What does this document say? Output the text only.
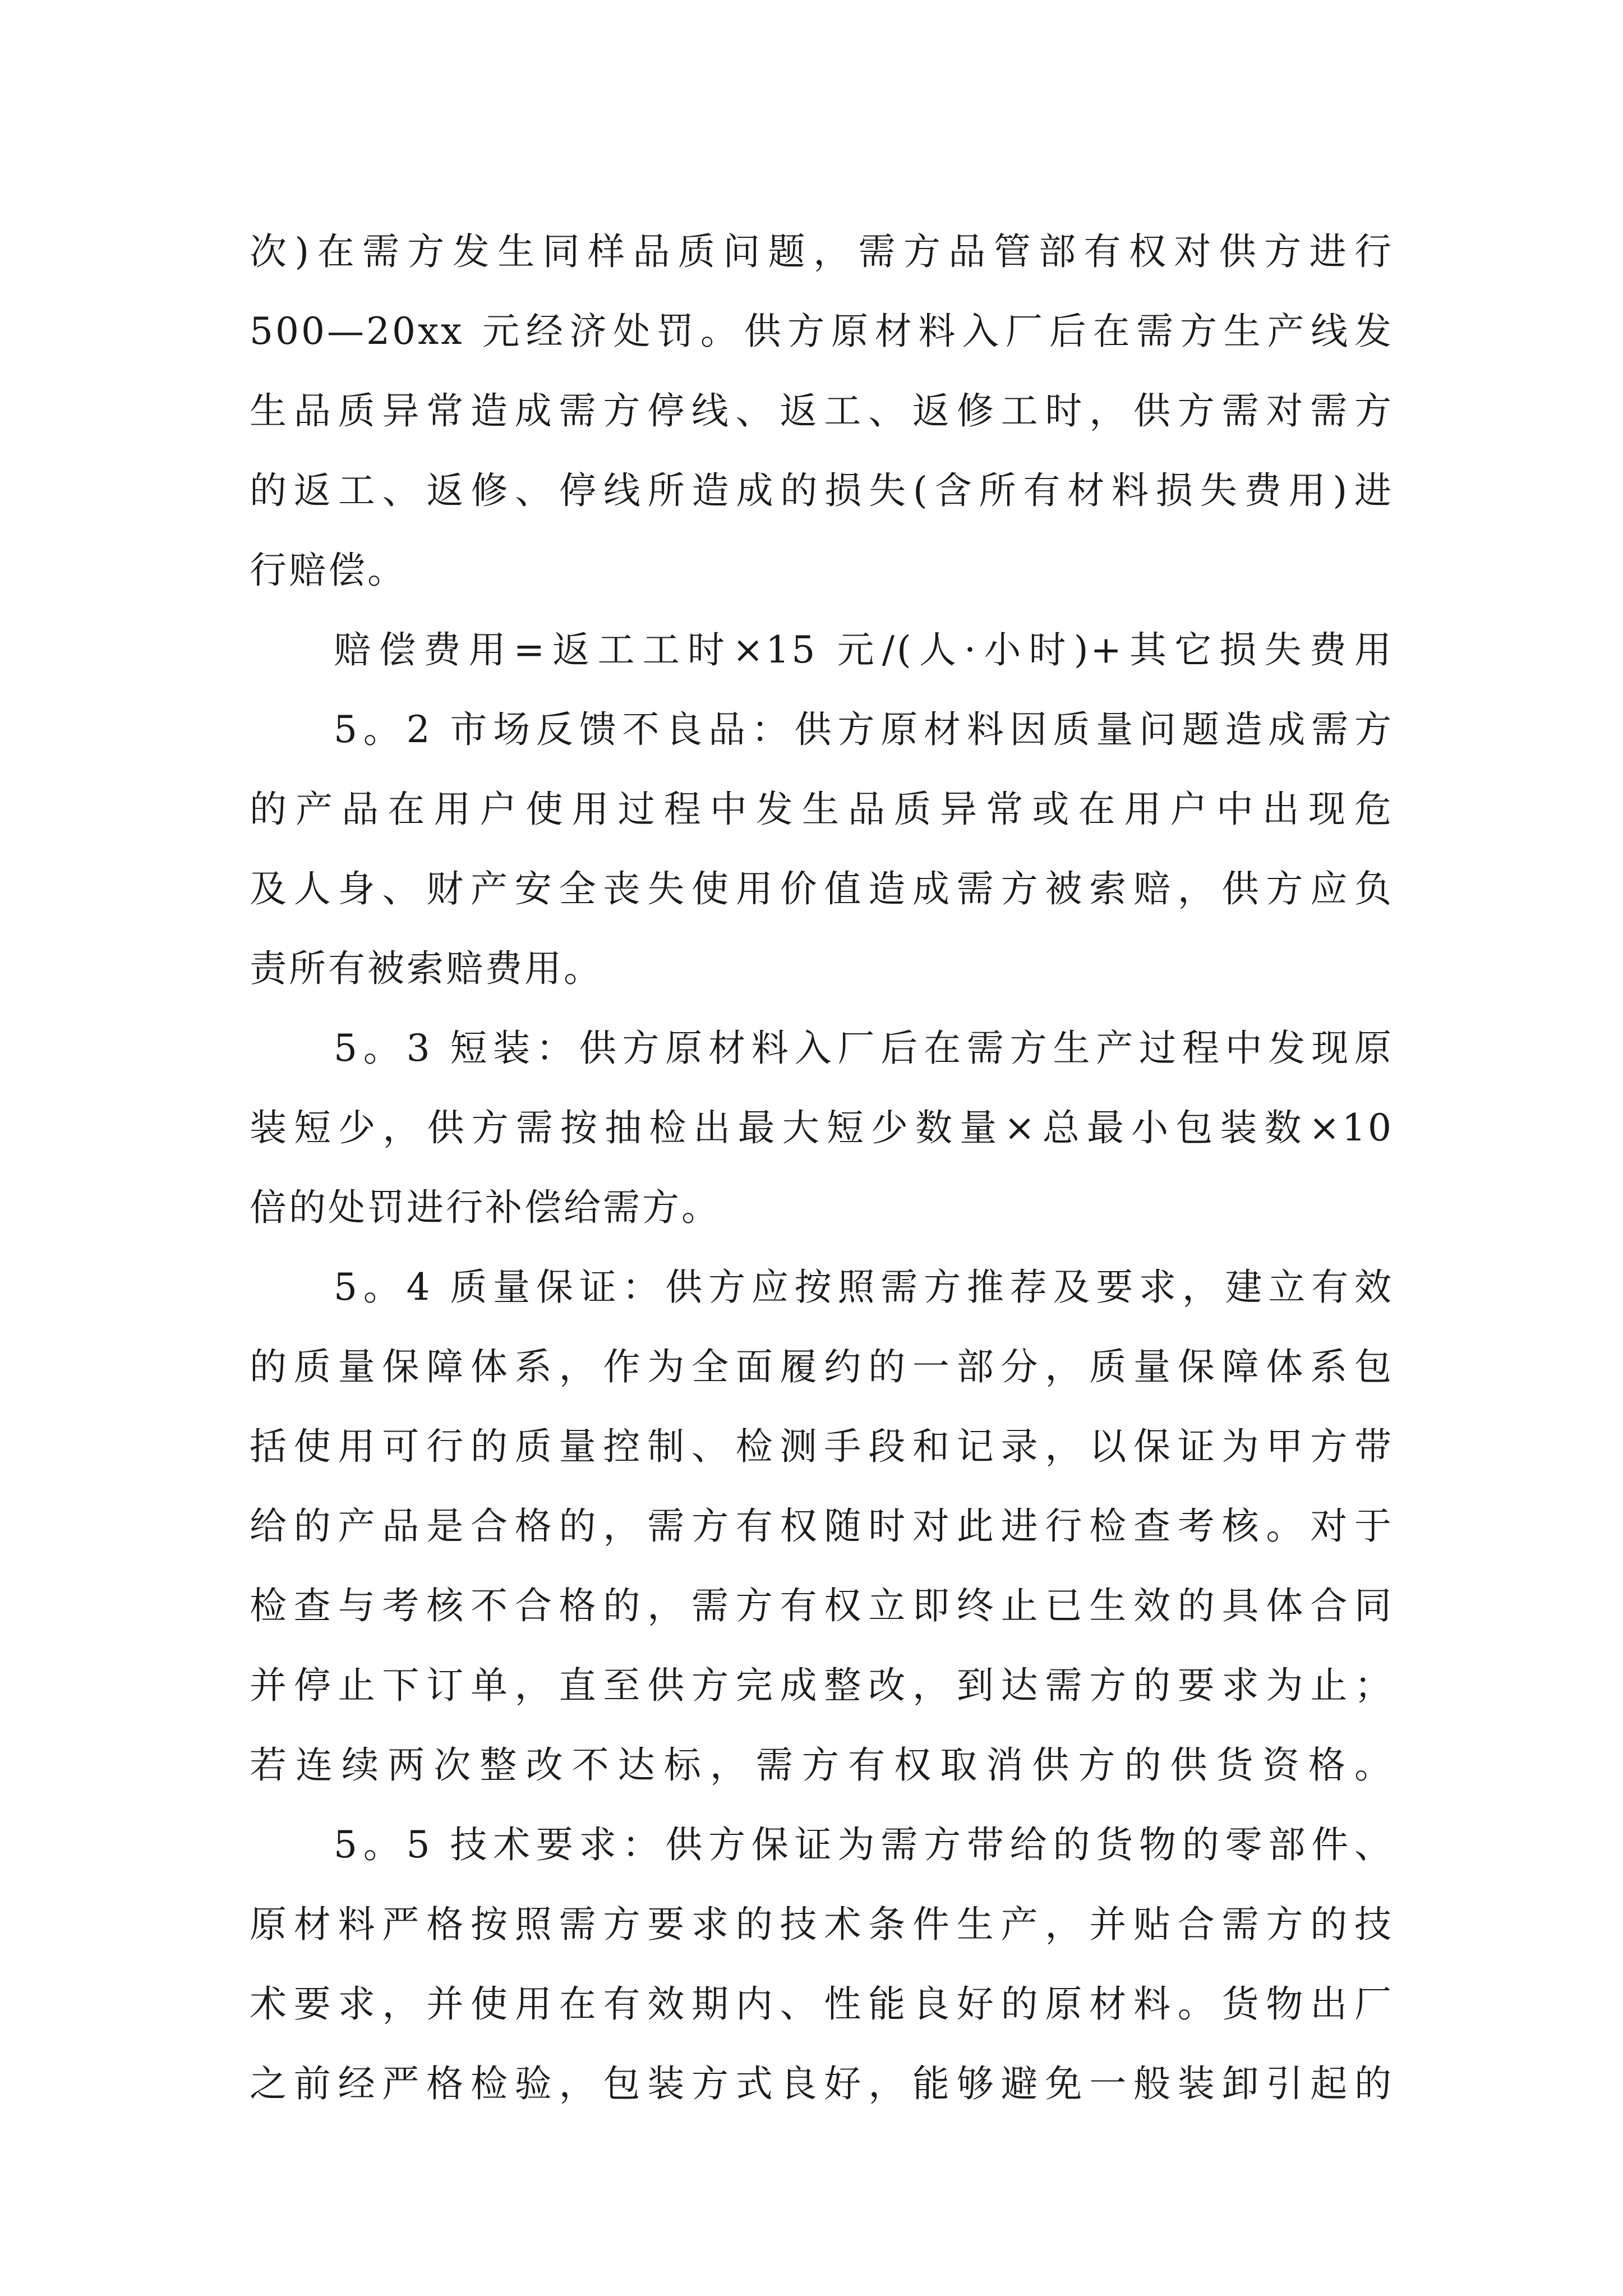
次)在需方发生同样品质问题，需方品管部有权对供方进行
500—20xx 元经济处罚。供方原材料入厂后在需方生产线发
生品质异常造成需方停线、返工、返修工时，供方需对需方
的返工、返修、停线所造成的损失(含所有材料损失费用)进
行赔偿。
赔偿费用=返工工时×15 元/(人·小时)+其它损失费用
5。2 市场反馈不良品：供方原材料因质量问题造成需方
的产品在用户使用过程中发生品质异常或在用户中出现危
及人身、财产安全丧失使用价值造成需方被索赔，供方应负
责所有被索赔费用。
5。3 短装：供方原材料入厂后在需方生产过程中发现原
装短少，供方需按抽检出最大短少数量×总最小包装数×10
倍的处罚进行补偿给需方。
5。4 质量保证：供方应按照需方推荐及要求，建立有效
的质量保障体系，作为全面履约的一部分，质量保障体系包
括使用可行的质量控制、检测手段和记录，以保证为甲方带
给的产品是合格的，需方有权随时对此进行检查考核。对于
检查与考核不合格的，需方有权立即终止已生效的具体合同
并停止下订单，直至供方完成整改，到达需方的要求为止；
若连续两次整改不达标，需方有权取消供方的供货资格。
5。5 技术要求：供方保证为需方带给的货物的零部件、
原材料严格按照需方要求的技术条件生产，并贴合需方的技
术要求，并使用在有效期内、性能良好的原材料。货物出厂
之前经严格检验，包装方式良好，能够避免一般装卸引起的
